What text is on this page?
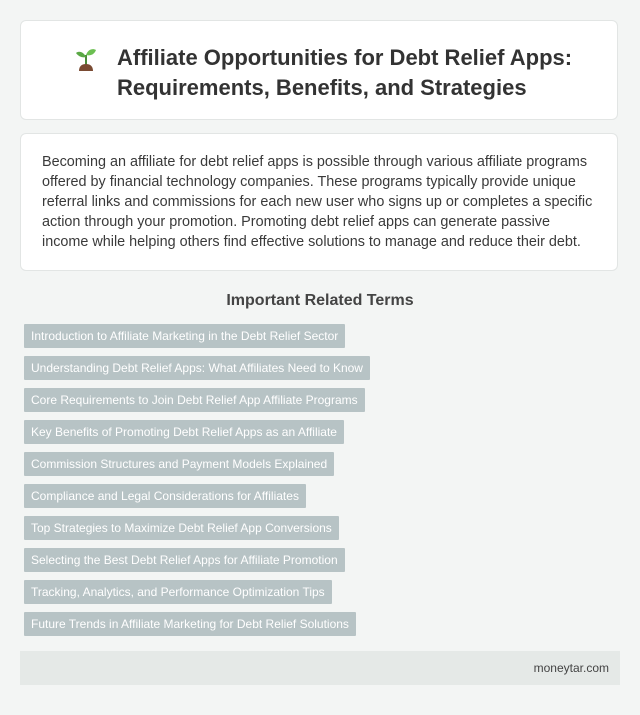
Affiliate Opportunities for Debt Relief Apps:
Requirements, Benefits, and Strategies

Becoming an affiliate for debt relief apps is possible through various affiliate programs offered by financial technology companies. These programs typically provide unique referral links and commissions for each new user who signs up or completes a specific action through your promotion. Promoting debt relief apps can generate passive income while helping others find effective solutions to manage and reduce their debt.

Important Related Terms
Introduction to Affiliate Marketing in the Debt Relief Sector
Understanding Debt Relief Apps: What Affiliates Need to Know
Core Requirements to Join Debt Relief App Affiliate Programs
Key Benefits of Promoting Debt Relief Apps as an Affiliate
Commission Structures and Payment Models Explained
Compliance and Legal Considerations for Affiliates
Top Strategies to Maximize Debt Relief App Conversions
Selecting the Best Debt Relief Apps for Affiliate Promotion
Tracking, Analytics, and Performance Optimization Tips
Future Trends in Affiliate Marketing for Debt Relief Solutions
moneytar.com
